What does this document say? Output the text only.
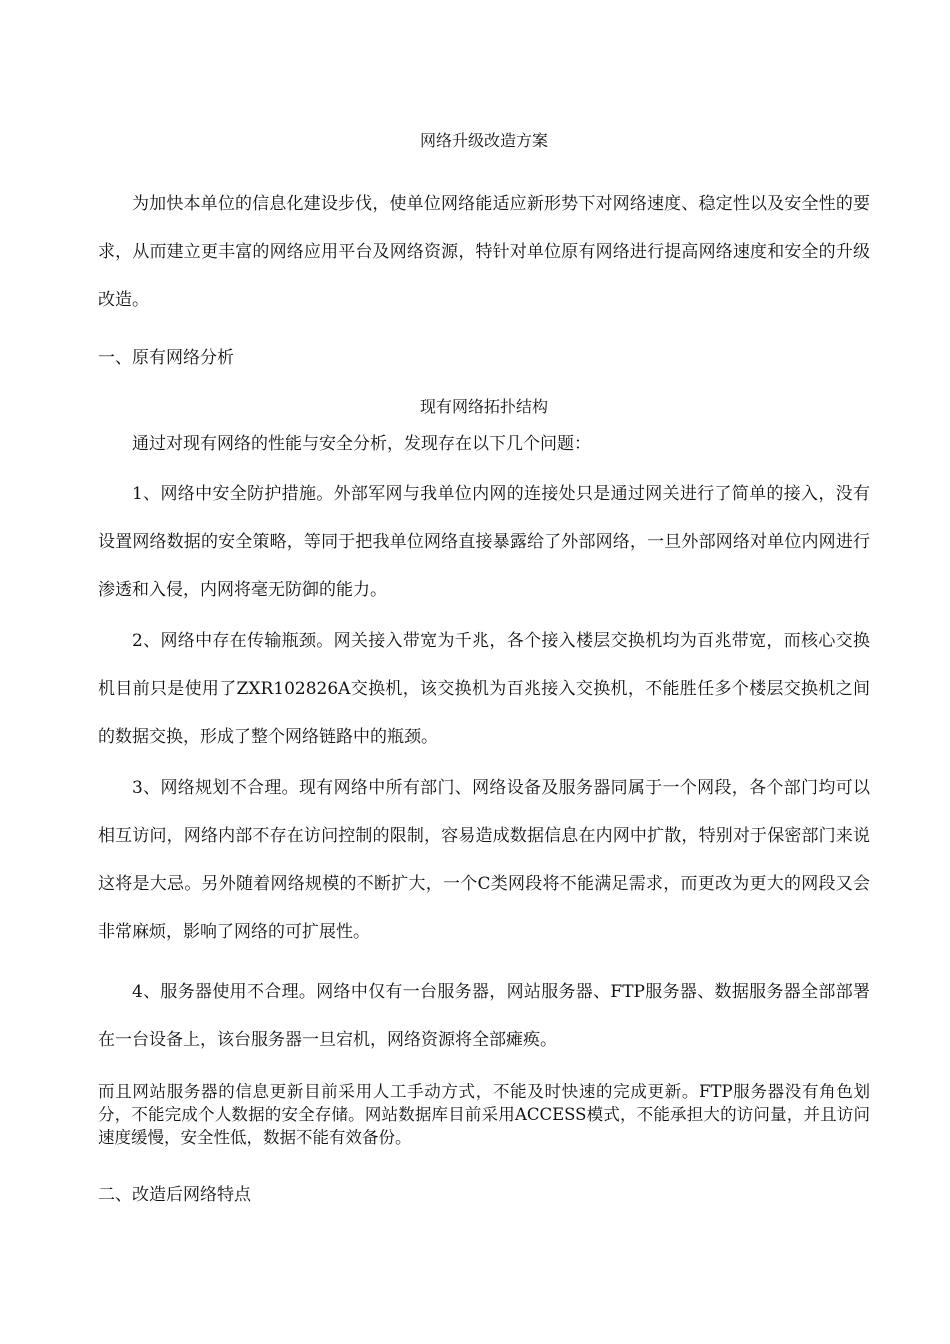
网络升级改造方案

为加快本单位的信息化建设步伐，使单位网络能适应新形势下对网络速度、稳定性以及安全性的要求，从而建立更丰富的网络应用平台及网络资源，特针对单位原有网络进行提高网络速度和安全的升级改造。

一、原有网络分析

现有网络拓扑结构

通过对现有网络的性能与安全分析，发现存在以下几个问题：

1、网络中安全防护措施。外部军网与我单位内网的连接处只是通过网关进行了简单的接入，没有设置网络数据的安全策略，等同于把我单位网络直接暴露给了外部网络，一旦外部网络对单位内网进行渗透和入侵，内网将毫无防御的能力。

2、网络中存在传输瓶颈。网关接入带宽为千兆，各个接入楼层交换机均为百兆带宽，而核心交换机目前只是使用了ZXR102826A交换机，该交换机为百兆接入交换机，不能胜任多个楼层交换机之间的数据交换，形成了整个网络链路中的瓶颈。

3、网络规划不合理。现有网络中所有部门、网络设备及服务器同属于一个网段，各个部门均可以相互访问，网络内部不存在访问控制的限制，容易造成数据信息在内网中扩散，特别对于保密部门来说这将是大忌。另外随着网络规模的不断扩大，一个C类网段将不能满足需求，而更改为更大的网段又会非常麻烦，影响了网络的可扩展性。

4、服务器使用不合理。网络中仅有一台服务器，网站服务器、FTP服务器、数据服务器全部部署在一台设备上，该台服务器一旦宕机，网络资源将全部瘫痪。

而且网站服务器的信息更新目前采用人工手动方式，不能及时快速的完成更新。FTP服务器没有角色划分，不能完成个人数据的安全存储。网站数据库目前采用ACCESS模式，不能承担大的访问量，并且访问速度缓慢，安全性低，数据不能有效备份。

二、改造后网络特点
